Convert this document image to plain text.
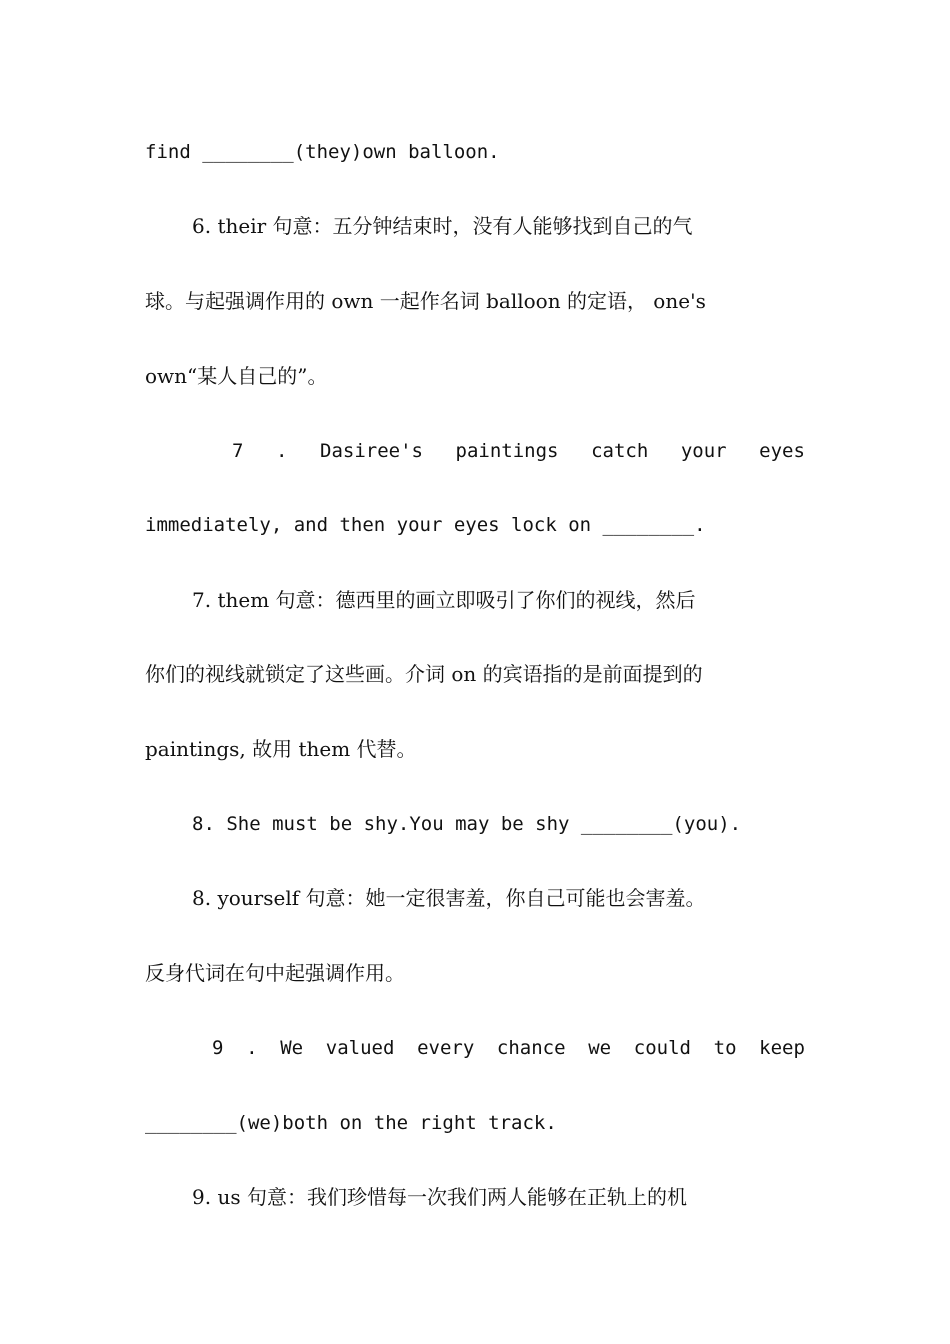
find ________(they)own balloon.
6. their 句意：五分钟结束时，没有人能够找到自己的气
球。与起强调作用的 own 一起作名词 balloon 的定语， one's
own“某人自己的”。
7 . Dasiree's paintings catch your eyes
immediately, and then your eyes lock on ________.
7. them 句意：德西里的画立即吸引了你们的视线，然后
你们的视线就锁定了这些画。介词 on 的宾语指的是前面提到的
paintings, 故用 them 代替。
8. She must be shy.You may be shy ________(you).
8. yourself 句意：她一定很害羞，你自己可能也会害羞。
反身代词在句中起强调作用。
9 . We valued every chance we could to keep
________(we)both on the right track.
9. us 句意：我们珍惜每一次我们两人能够在正轨上的机
